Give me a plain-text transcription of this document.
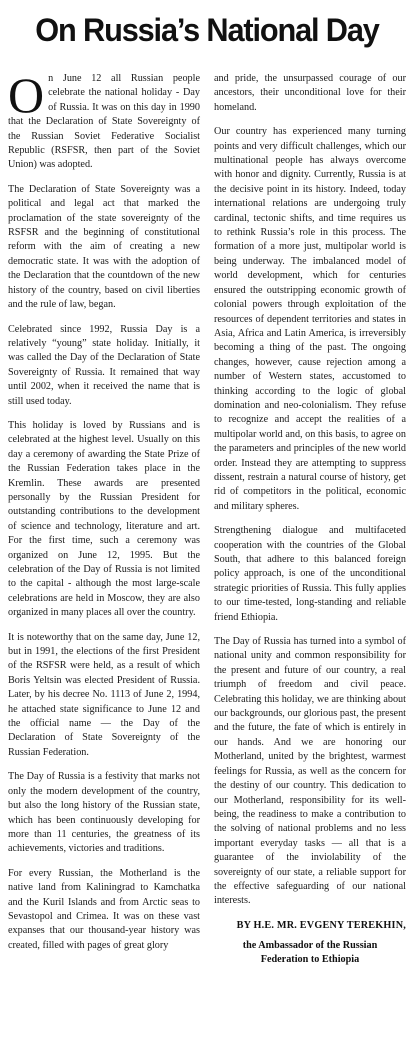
On Russia’s National Day

On June 12 all Russian people celebrate the national holiday - Day of Russia. It was on this day in 1990 that the Declaration of State Sovereignty of the Russian Soviet Federative Socialist Republic (RSFSR, then part of the Soviet Union) was adopted.

The Declaration of State Sovereignty was a political and legal act that marked the proclamation of the state sovereignty of the RSFSR and the beginning of constitutional reform with the aim of creating a new democratic state. It was with the adoption of the Declaration that the countdown of the new history of the country, based on civil liberties and the rule of law, began.

Celebrated since 1992, Russia Day is a relatively “young” state holiday. Initially, it was called the Day of the Declaration of State Sovereignty of Russia. It remained that way until 2002, when it received the name that is still used today.

This holiday is loved by Russians and is celebrated at the highest level. Usually on this day a ceremony of awarding the State Prize of the Russian Federation takes place in the Kremlin. These awards are presented personally by the Russian President for outstanding contributions to the development of science and technology, literature and art. For the first time, such a ceremony was organized on June 12, 1995. But the celebration of the Day of Russia is not limited to the capital - although the most large-scale celebrations are held in Moscow, they are also organized in many places all over the country.

It is noteworthy that on the same day, June 12, but in 1991, the elections of the first President of the RSFSR were held, as a result of which Boris Yeltsin was elected President of Russia. Later, by his decree No. 1113 of June 2, 1994, he attached state significance to June 12 and the official name — the Day of the Declaration of State Sovereignty of the Russian Federation.

The Day of Russia is a festivity that marks not only the modern development of the country, but also the long history of the Russian state, which has been continuously developing for more than 11 centuries, the greatness of its achievements, victories and traditions.

For every Russian, the Motherland is the native land from Kaliningrad to Kamchatka and the Kuril Islands and from Arctic seas to Sevastopol and Crimea. It was on these vast expanses that our thousand-year history was created, filled with pages of great glory

and pride, the unsurpassed courage of our ancestors, their unconditional love for their homeland.

Our country has experienced many turning points and very difficult challenges, which our multinational people has always overcome with honor and dignity. Currently, Russia is at the decisive point in its history. Indeed, today international relations are undergoing truly cardinal, tectonic shifts, and time requires us to rethink Russia’s role in this process. The formation of a more just, multipolar world is being underway. The imbalanced model of world development, which for centuries ensured the outstripping economic growth of colonial powers through exploitation of the resources of dependent territories and states in Asia, Africa and Latin America, is irreversibly becoming a thing of the past. The ongoing changes, however, cause rejection among a number of Western states, accustomed to thinking according to the logic of global domination and neo-colonialism. They refuse to recognize and accept the realities of a multipolar world and, on this basis, to agree on the parameters and principles of the new world order. Instead they are attempting to suppress dissent, restrain a natural course of history, get rid of competitors in the political, economic and military spheres.

Strengthening dialogue and multifaceted cooperation with the countries of the Global South, that adhere to this balanced foreign policy approach, is one of the unconditional strategic priorities of Russia. This fully applies to our time-tested, long-standing and reliable friend Ethiopia.

The Day of Russia has turned into a symbol of national unity and common responsibility for the present and future of our country, a real triumph of freedom and civil peace. Celebrating this holiday, we are thinking about our backgrounds, our glorious past, the present and the future, the fate of which is entirely in our hands. And we are honoring our Motherland, united by the brightest, warmest feelings for Russia, as well as the concern for the destiny of our country. This dedication to our Motherland, responsibility for its well-being, the readiness to make a contribution to the solving of national problems and no less important everyday tasks — all that is a guarantee of the inviolability of the sovereignty of our state, a reliable support for the effective safeguarding of our national interests.

BY H.E. MR. EVGENY TEREKHIN,
the Ambassador of the Russian
Federation to Ethiopia
